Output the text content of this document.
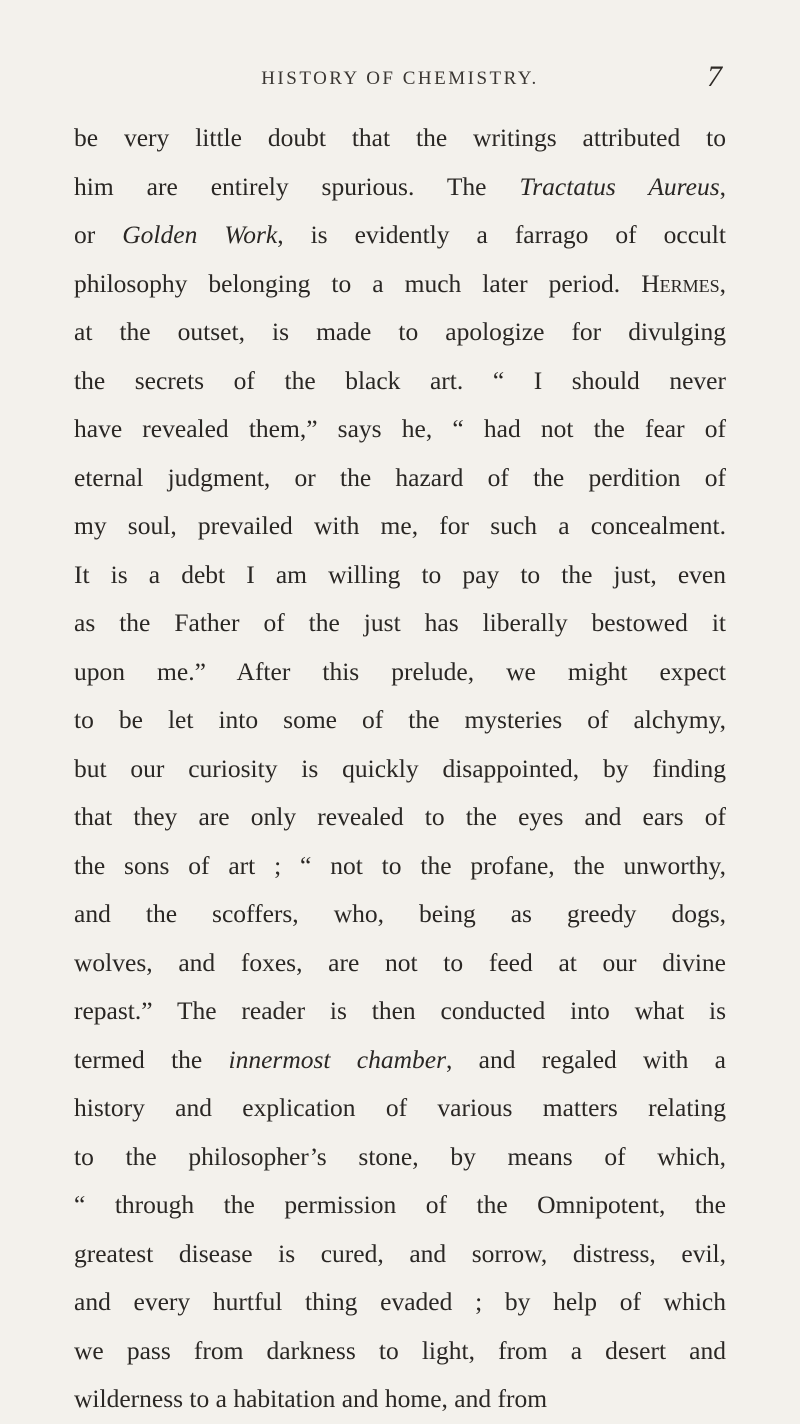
HISTORY OF CHEMISTRY.	7
be very little doubt that the writings attributed to
him are entirely spurious. The Tractatus Aureus,
or Golden Work, is evidently a farrago of occult
philosophy belonging to a much later period. Hermes,
at the outset, is made to apologize for divulging
the secrets of the black art. “ I should never
have revealed them,” says he, “ had not the fear of
eternal judgment, or the hazard of the perdition of
my soul, prevailed with me, for such a concealment.
It is a debt I am willing to pay to the just, even
as the Father of the just has liberally bestowed it
upon me.” After this prelude, we might expect
to be let into some of the mysteries of alchymy,
but our curiosity is quickly disappointed, by finding
that they are only revealed to the eyes and ears of
the sons of art ; “ not to the profane, the unworthy,
and the scoffers, who, being as greedy dogs,
wolves, and foxes, are not to feed at our divine
repast.” The reader is then conducted into what is
termed the innermost chamber, and regaled with a
history and explication of various matters relating
to the philosopher’s stone, by means of which,
“ through the permission of the Omnipotent, the
greatest disease is cured, and sorrow, distress, evil,
and every hurtful thing evaded ; by help of which
we pass from darkness to light, from a desert and
wilderness to a habitation and home, and from
